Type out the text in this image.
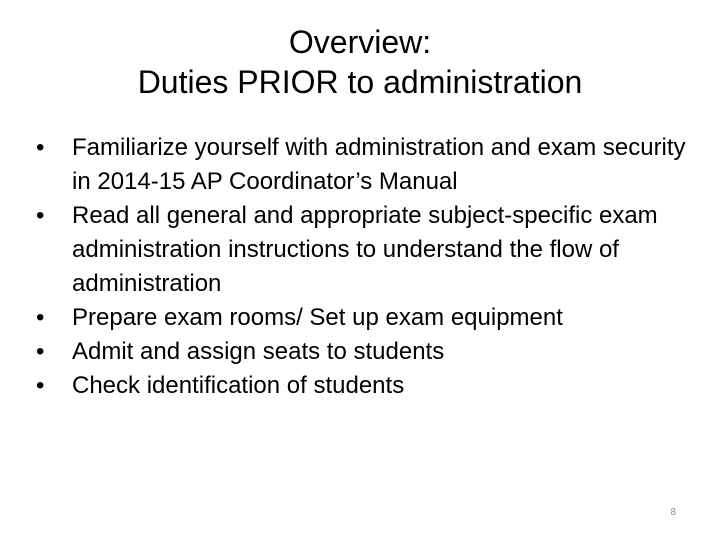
Overview:
Duties PRIOR to administration
•	Familiarize yourself with administration and exam security in 2014-15 AP Coordinator’s Manual
•	Read all general and appropriate subject-specific exam administration instructions to understand the flow of administration
•	Prepare exam rooms/ Set up exam equipment
•	Admit and assign seats to students
•	Check identification of students
8
